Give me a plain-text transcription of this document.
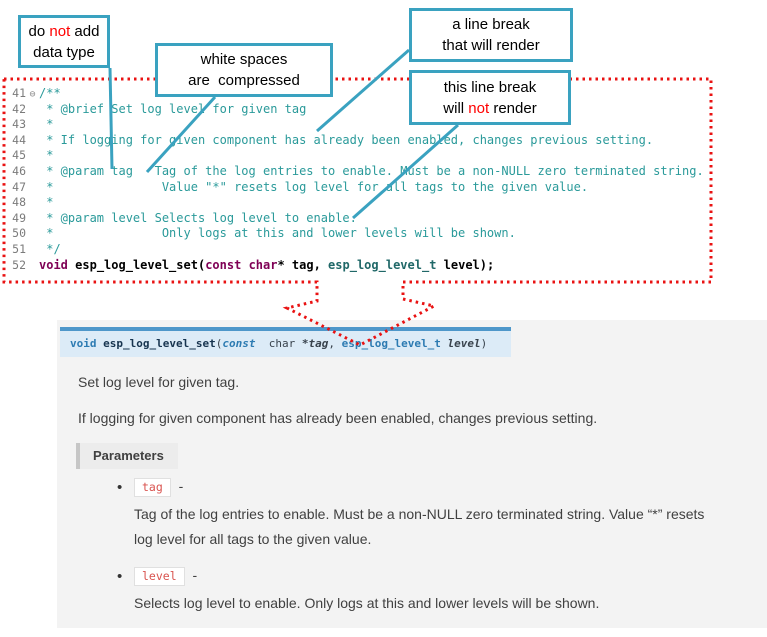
41 ⊖ /**
42 * @brief Set log level for given tag
43 *
44 * If logging for given component has already been enabled, changes previous setting.
45 *
46 * @param tag   Tag of the log entries to enable. Must be a non-NULL zero terminated string.
47 *               Value "*" resets log level for all tags to the given value.
48 *
49 * @param level Selects log level to enable.
50 *               Only logs at this and lower levels will be shown.
51 */
52 void esp_log_level_set(const char* tag, esp_log_level_t level);
do not add
data type	white spaces
are  compressed
a line break
that will render
this line break
will not render
void esp_log_level_set(const  char *tag, esp_log_level_t level)

Set log level for given tag.

If logging for given component has already been enabled, changes previous setting.

Parameters
• tag -
Tag of the log entries to enable. Must be a non-NULL zero terminated string. Value “*” resets log level for all tags to the given value.
• level -
Selects log level to enable. Only logs at this and lower levels will be shown.
